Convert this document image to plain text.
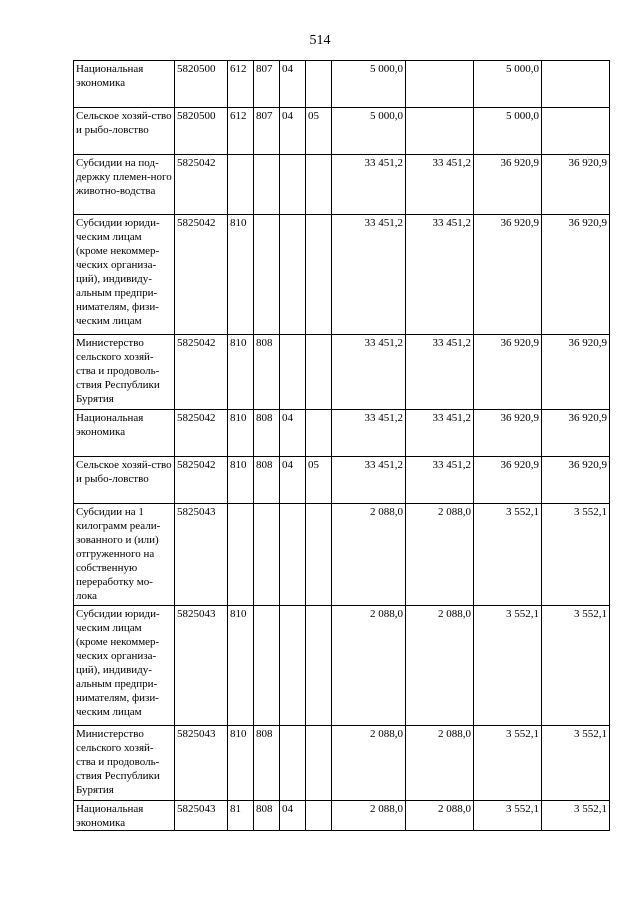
514
Национальная экономика	5820500	612	807	04		5 000,0		5 000,0	
Сельское хозяй-ство и рыбо-ловство	5820500	612	807	04	05	5 000,0		5 000,0	
Субсидии на под-держку племен-ного животно-водства	5825042					33 451,2	33 451,2	36 920,9	36 920,9
Субсидии юриди-ческим лицам (кроме некоммер-ческих организа-ций), индивиду-альным предпри-нимателям, физи-ческим лицам	5825042	810				33 451,2	33 451,2	36 920,9	36 920,9
Министерство сельского хозяй-ства и продоволь-ствия Республики Бурятия	5825042	810	808			33 451,2	33 451,2	36 920,9	36 920,9
Национальная экономика	5825042	810	808	04		33 451,2	33 451,2	36 920,9	36 920,9
Сельское хозяй-ство и рыбо-ловство	5825042	810	808	04	05	33 451,2	33 451,2	36 920,9	36 920,9
Субсидии на 1 килограмм реали-зованного и (или) отгруженного на собственную переработку мо-лока	5825043					2 088,0	2 088,0	3 552,1	3 552,1
Субсидии юриди-ческим лицам (кроме некоммер-ческих организа-ций), индивиду-альным предпри-нимателям, физи-ческим лицам	5825043	810				2 088,0	2 088,0	3 552,1	3 552,1
Министерство сельского хозяй-ства и продоволь-ствия Республики Бурятия	5825043	810	808			2 088,0	2 088,0	3 552,1	3 552,1
Национальная экономика	5825043	81	808	04		2 088,0	2 088,0	3 552,1	3 552,1
